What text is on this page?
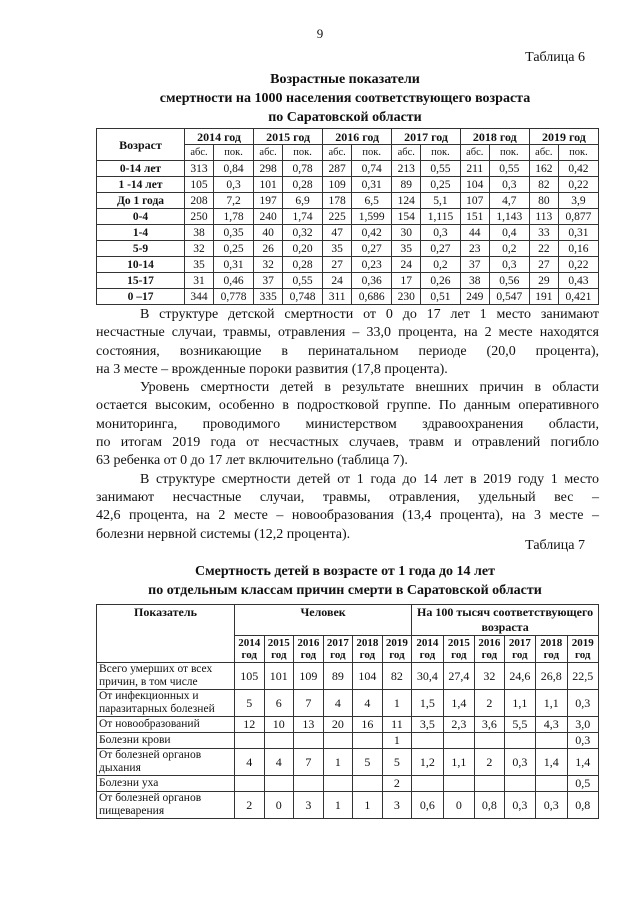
9
Таблица 6
Возрастные показатели
смертности на 1000 населения соответствующего возраста
по Саратовской области
Возраст	2014 год		2015 год		2016 год		2017 год		2018 год		2019 год	
	абс.	пок.	абс.	пок.	абс.	пок.	абс.	пок.	абс.	пок.	абс.	пок.
0-14 лет	313	0,84	298	0,78	287	0,74	213	0,55	211	0,55	162	0,42
1 -14 лет	105	0,3	101	0,28	109	0,31	89	0,25	104	0,3	82	0,22
До 1 года	208	7,2	197	6,9	178	6,5	124	5,1	107	4,7	80	3,9
0-4	250	1,78	240	1,74	225	1,599	154	1,115	151	1,143	113	0,877
1-4	38	0,35	40	0,32	47	0,42	30	0,3	44	0,4	33	0,31
5-9	32	0,25	26	0,20	35	0,27	35	0,27	23	0,2	22	0,16
10-14	35	0,31	32	0,28	27	0,23	24	0,2	37	0,3	27	0,22
15-17	31	0,46	37	0,55	24	0,36	17	0,26	38	0,56	29	0,43
0 –17	344	0,778	335	0,748	311	0,686	230	0,51	249	0,547	191	0,421
В структуре детской смертности от 0 до 17 лет 1 место занимают
несчастные случаи, травмы, отравления – 33,0 процента, на 2 месте находятся
состояния, возникающие в перинатальном периоде (20,0 процента),
на 3 месте – врожденные пороки развития (17,8 процента).
Уровень смертности детей в результате внешних причин в области
остается высоким, особенно в подростковой группе. По данным оперативного
мониторинга, проводимого министерством здравоохранения области,
по итогам 2019 года от несчастных случаев, травм и отравлений погибло
63 ребенка от 0 до 17 лет включительно (таблица 7).
В структуре смертности детей от 1 года до 14 лет в 2019 году 1 место
занимают несчастные случаи, травмы, отравления, удельный вес –
42,6 процента, на 2 месте – новообразования (13,4 процента), на 3 месте –
болезни нервной системы (12,2 процента).
Таблица 7
Смертность детей в возрасте от 1 года до 14 лет
по отдельным классам причин смерти в Саратовской области
Показатель	Человек						На 100 тысяч соответствующего возраста					
	2014 год	2015 год	2016 год	2017 год	2018 год	2019 год	2014 год	2015 год	2016 год	2017 год	2018 год	2019 год
Всего умерших от всех причин, в том числе	105	101	109	89	104	82	30,4	27,4	32	24,6	26,8	22,5
От инфекционных и паразитарных болезней	5	6	7	4	4	1	1,5	1,4	2	1,1	1,1	0,3
От новообразований	12	10	13	20	16	11	3,5	2,3	3,6	5,5	4,3	3,0
Болезни крови						1						0,3
От болезней органов дыхания	4	4	7	1	5	5	1,2	1,1	2	0,3	1,4	1,4
Болезни уха						2						0,5
От болезней органов пищеварения	2	0	3	1	1	3	0,6	0	0,8	0,3	0,3	0,8
